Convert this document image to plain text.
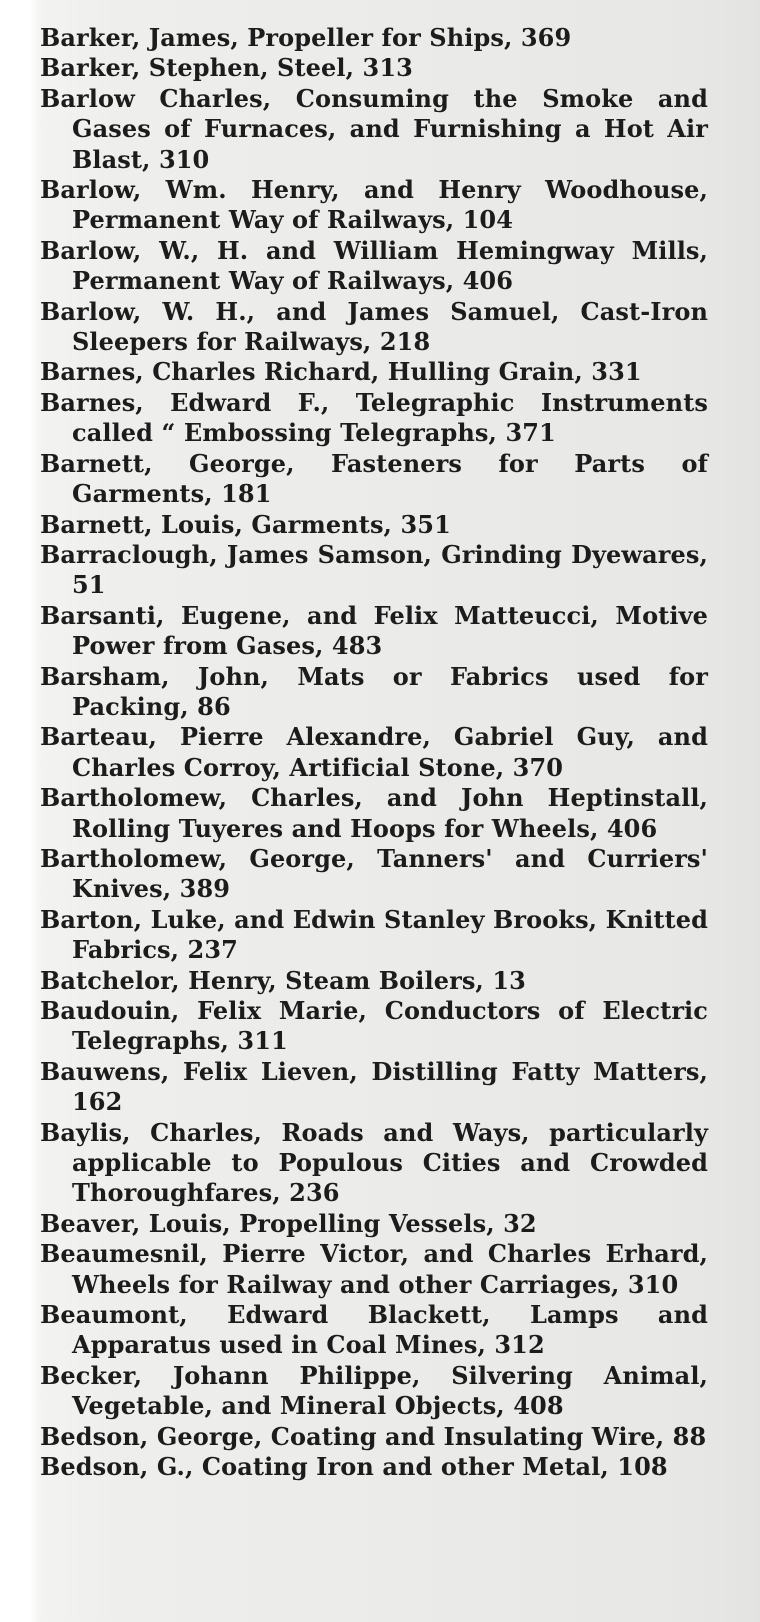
Barker, James, Propeller for Ships, 369

Barker, Stephen, Steel, 313

Barlow Charles, Consuming the Smoke and Gases of Furnaces, and Furnishing a Hot Air Blast, 310

Barlow, Wm. Henry, and Henry Woodhouse, Permanent Way of Railways, 104

Barlow, W., H. and William Hemingway Mills, Permanent Way of Railways, 406

Barlow, W. H., and James Samuel, Cast-Iron Sleepers for Railways, 218

Barnes, Charles Richard, Hulling Grain, 331

Barnes, Edward F., Telegraphic Instruments called “ Embossing Telegraphs, 371

Barnett, George, Fasteners for Parts of Garments, 181

Barnett, Louis, Garments, 351

Barraclough, James Samson, Grinding Dyewares, 51

Barsanti, Eugene, and Felix Matteucci, Motive Power from Gases, 483

Barsham, John, Mats or Fabrics used for Packing, 86

Barteau, Pierre Alexandre, Gabriel Guy, and Charles Corroy, Artificial Stone, 370

Bartholomew, Charles, and John Heptinstall, Rolling Tuyeres and Hoops for Wheels, 406

Bartholomew, George, Tanners' and Curriers' Knives, 389

Barton, Luke, and Edwin Stanley Brooks, Knitted Fabrics, 237

Batchelor, Henry, Steam Boilers, 13

Baudouin, Felix Marie, Conductors of Electric Telegraphs, 311

Bauwens, Felix Lieven, Distilling Fatty Matters, 162

Baylis, Charles, Roads and Ways, particularly applicable to Populous Cities and Crowded Thoroughfares, 236

Beaver, Louis, Propelling Vessels, 32

Beaumesnil, Pierre Victor, and Charles Erhard, Wheels for Railway and other Carriages, 310

Beaumont, Edward Blackett, Lamps and Apparatus used in Coal Mines, 312

Becker, Johann Philippe, Silvering Animal, Vegetable, and Mineral Objects, 408

Bedson, George, Coating and Insulating Wire, 88

Bedson, G., Coating Iron and other Metal, 108
